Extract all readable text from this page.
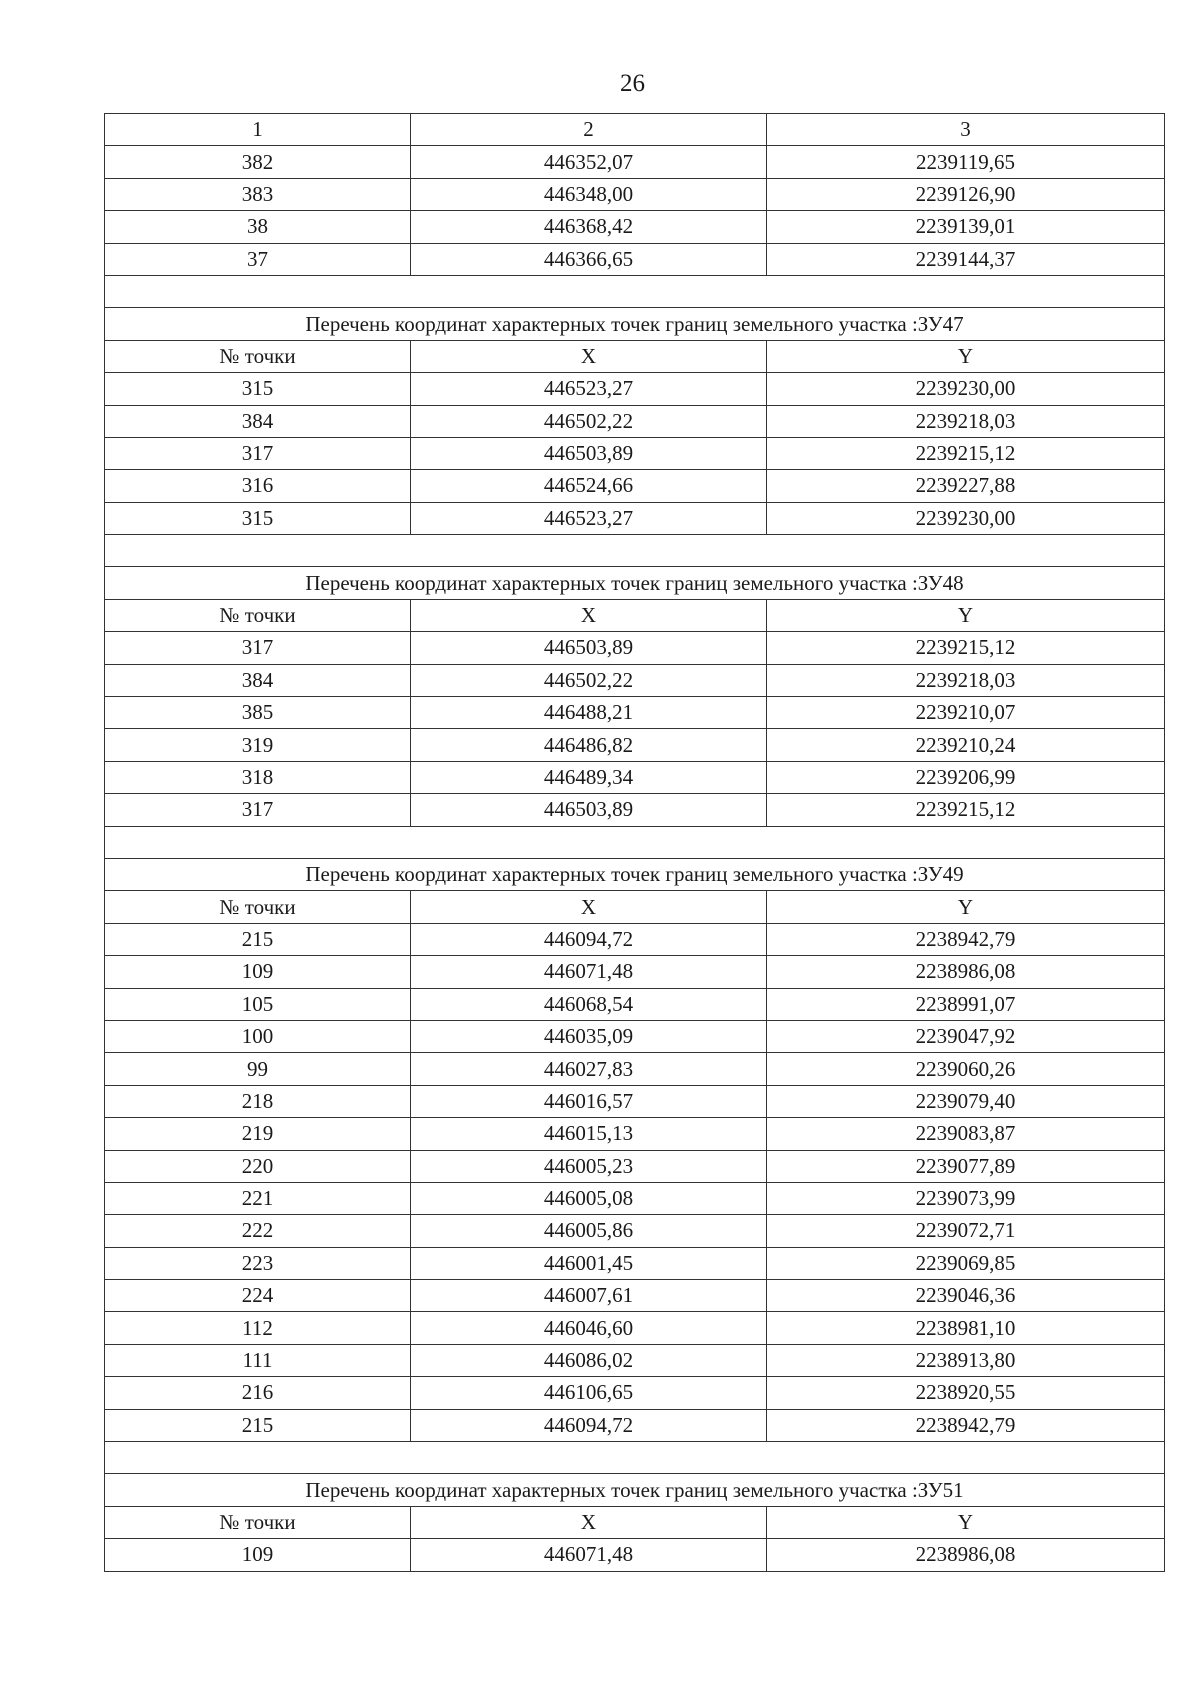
26
1	2	3
382	446352,07	2239119,65
383	446348,00	2239126,90
38	446368,42	2239139,01
37	446366,65	2239144,37

Перечень координат характерных точек границ земельного участка :ЗУ47		
№ точки	X	Y
315	446523,27	2239230,00
384	446502,22	2239218,03
317	446503,89	2239215,12
316	446524,66	2239227,88
315	446523,27	2239230,00

Перечень координат характерных точек границ земельного участка :ЗУ48		
№ точки	X	Y
317	446503,89	2239215,12
384	446502,22	2239218,03
385	446488,21	2239210,07
319	446486,82	2239210,24
318	446489,34	2239206,99
317	446503,89	2239215,12

Перечень координат характерных точек границ земельного участка :ЗУ49		
№ точки	X	Y
215	446094,72	2238942,79
109	446071,48	2238986,08
105	446068,54	2238991,07
100	446035,09	2239047,92
99	446027,83	2239060,26
218	446016,57	2239079,40
219	446015,13	2239083,87
220	446005,23	2239077,89
221	446005,08	2239073,99
222	446005,86	2239072,71
223	446001,45	2239069,85
224	446007,61	2239046,36
112	446046,60	2238981,10
111	446086,02	2238913,80
216	446106,65	2238920,55
215	446094,72	2238942,79

Перечень координат характерных точек границ земельного участка :ЗУ51		
№ точки	X	Y
109	446071,48	2238986,08
